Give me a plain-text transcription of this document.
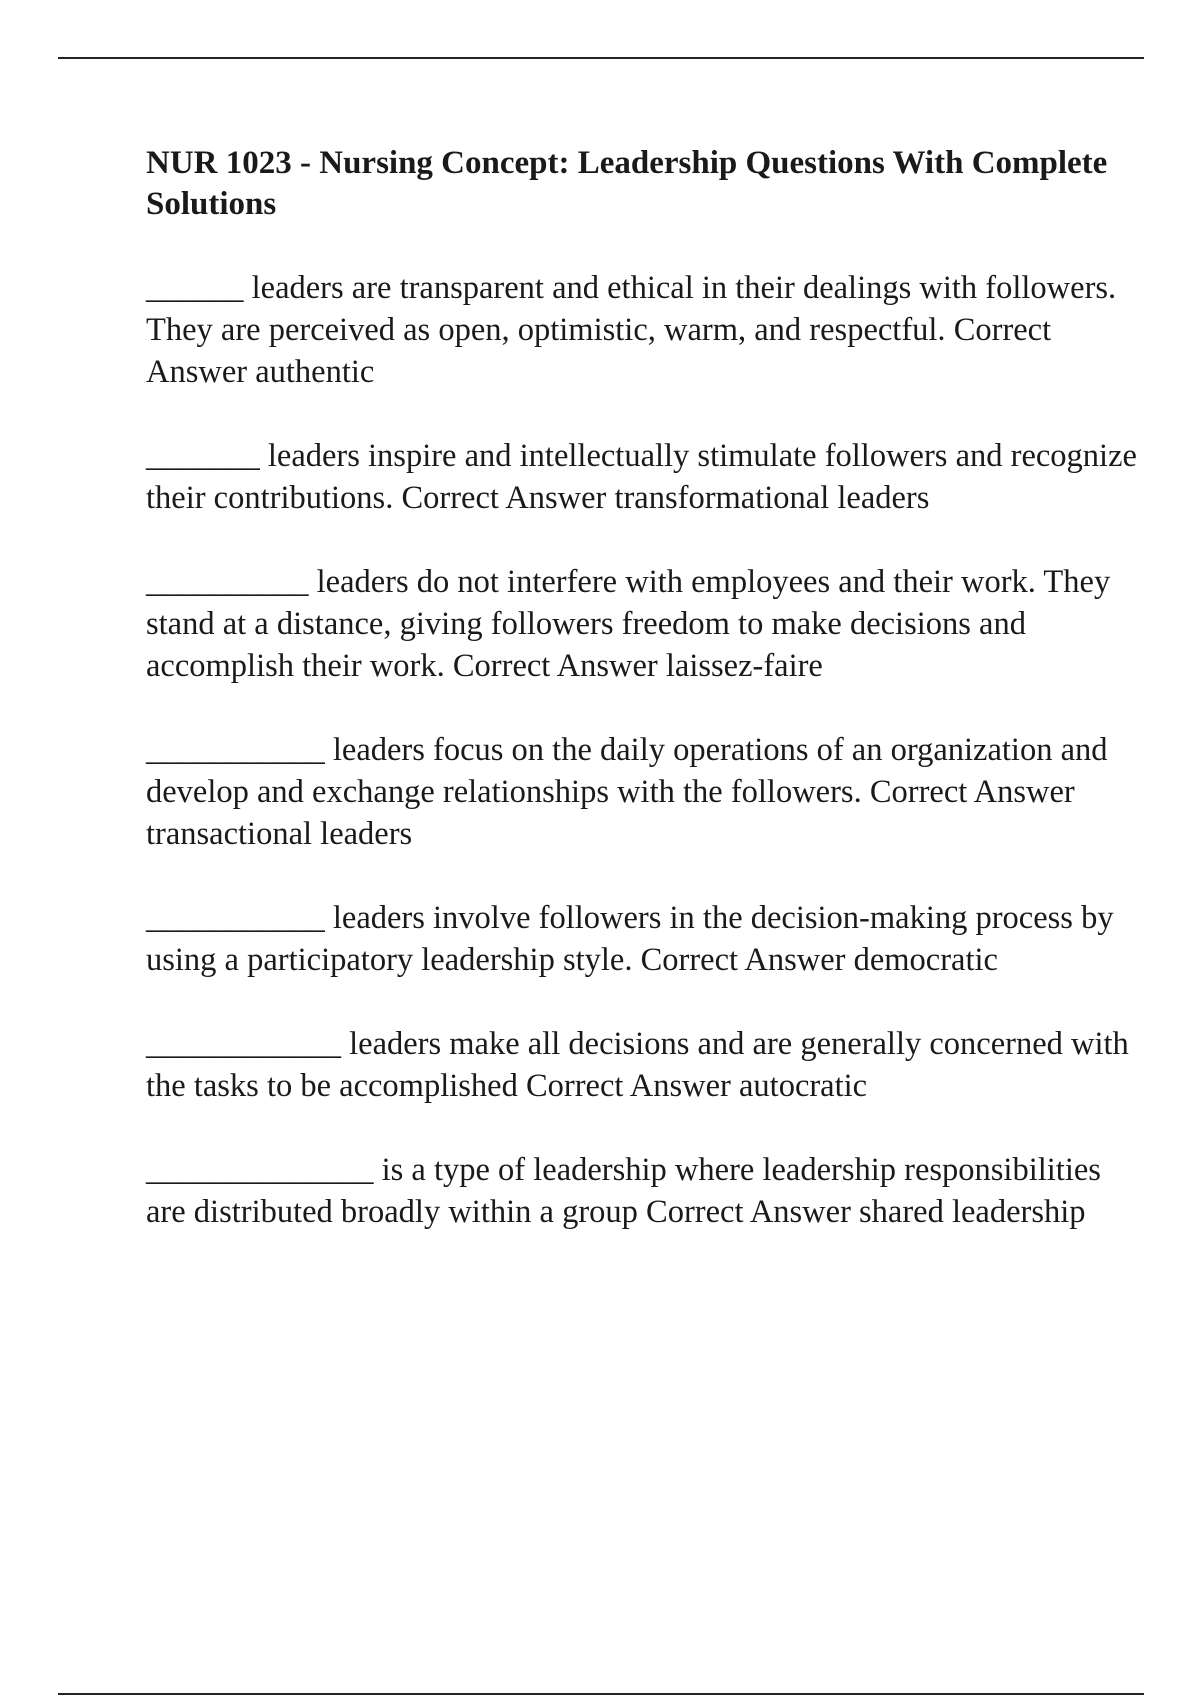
NUR 1023 - Nursing Concept: Leadership Questions With Complete Solutions
______ leaders are transparent and ethical in their dealings with followers. They are perceived as open, optimistic, warm, and respectful. Correct Answer authentic
_______ leaders inspire and intellectually stimulate followers and recognize their contributions. Correct Answer transformational leaders
__________ leaders do not interfere with employees and their work. They stand at a distance, giving followers freedom to make decisions and accomplish their work. Correct Answer laissez-faire
___________ leaders focus on the daily operations of an organization and develop and exchange relationships with the followers. Correct Answer transactional leaders
___________ leaders involve followers in the decision-making process by using a participatory leadership style. Correct Answer democratic
____________ leaders make all decisions and are generally concerned with the tasks to be accomplished Correct Answer autocratic
______________ is a type of leadership where leadership responsibilities are distributed broadly within a group Correct Answer shared leadership
